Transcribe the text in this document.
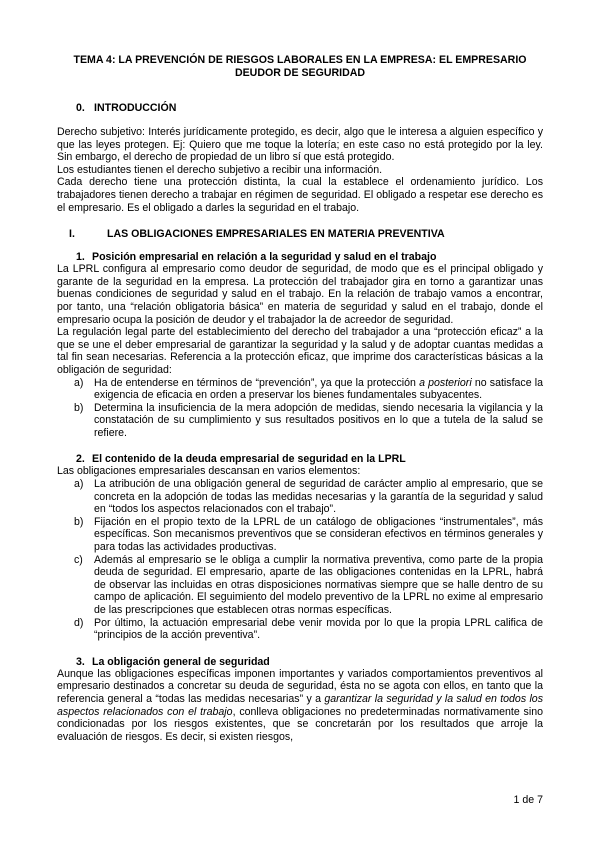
TEMA 4: LA PREVENCIÓN DE RIESGOS LABORALES EN LA EMPRESA: EL EMPRESARIO DEUDOR DE SEGURIDAD

0. INTRODUCCIÓN

Derecho subjetivo: Interés jurídicamente protegido, es decir, algo que le interesa a alguien específico y que las leyes protegen. Ej: Quiero que me toque la lotería; en este caso no está protegido por la ley. Sin embargo, el derecho de propiedad de un libro sí que está protegido.

Los estudiantes tienen el derecho subjetivo a recibir una información.

Cada derecho tiene una protección distinta, la cual la establece el ordenamiento jurídico. Los trabajadores tienen derecho a trabajar en régimen de seguridad. El obligado a respetar ese derecho es el empresario. Es el obligado a darles la seguridad en el trabajo.

I.	LAS OBLIGACIONES EMPRESARIALES EN MATERIA PREVENTIVA
1. Posición empresarial en relación a la seguridad y salud en el trabajo

La LPRL configura al empresario como deudor de seguridad, de modo que es el principal obligado y garante de la seguridad en la empresa. La protección del trabajador gira en torno a garantizar unas buenas condiciones de seguridad y salud en el trabajo. En la relación de trabajo vamos a encontrar, por tanto, una “relación obligatoria básica” en materia de seguridad y salud en el trabajo, donde el empresario ocupa la posición de deudor y el trabajador la de acreedor de seguridad.

La regulación legal parte del establecimiento del derecho del trabajador a una “protección eficaz” a la que se une el deber empresarial de garantizar la seguridad y la salud y de adoptar cuantas medidas a tal fin sean necesarias. Referencia a la protección eficaz, que imprime dos características básicas a la obligación de seguridad:

a) Ha de entenderse en términos de “prevención”, ya que la protección a posteriori no satisface la exigencia de eficacia en orden a preservar los bienes fundamentales subyacentes.
b) Determina la insuficiencia de la mera adopción de medidas, siendo necesaria la vigilancia y la constatación de su cumplimiento y sus resultados positivos en lo que a tutela de la salud se refiere.
2. El contenido de la deuda empresarial de seguridad en la LPRL

Las obligaciones empresariales descansan en varios elementos:

a) La atribución de una obligación general de seguridad de carácter amplio al empresario, que se concreta en la adopción de todas las medidas necesarias y la garantía de la seguridad y salud en “todos los aspectos relacionados con el trabajo”.
b) Fijación en el propio texto de la LPRL de un catálogo de obligaciones “instrumentales”, más específicas. Son mecanismos preventivos que se consideran efectivos en términos generales y para todas las actividades productivas.
c) Además al empresario se le obliga a cumplir la normativa preventiva, como parte de la propia deuda de seguridad. El empresario, aparte de las obligaciones contenidas en la LPRL, habrá de observar las incluidas en otras disposiciones normativas siempre que se halle dentro de su campo de aplicación. El seguimiento del modelo preventivo de la LPRL no exime al empresario de las prescripciones que establecen otras normas específicas.
d) Por último, la actuación empresarial debe venir movida por lo que la propia LPRL califica de “principios de la acción preventiva”.
3. La obligación general de seguridad

Aunque las obligaciones específicas imponen importantes y variados comportamientos preventivos al empresario destinados a concretar su deuda de seguridad, ésta no se agota con ellos, en tanto que la referencia general a “todas las medidas necesarias” y a garantizar la seguridad y la salud en todos los aspectos relacionados con el trabajo, conlleva obligaciones no predeterminadas normativamente sino condicionadas por los riesgos existentes, que se concretarán por los resultados que arroje la evaluación de riesgos. Es decir, si existen riesgos,

1 de 7
